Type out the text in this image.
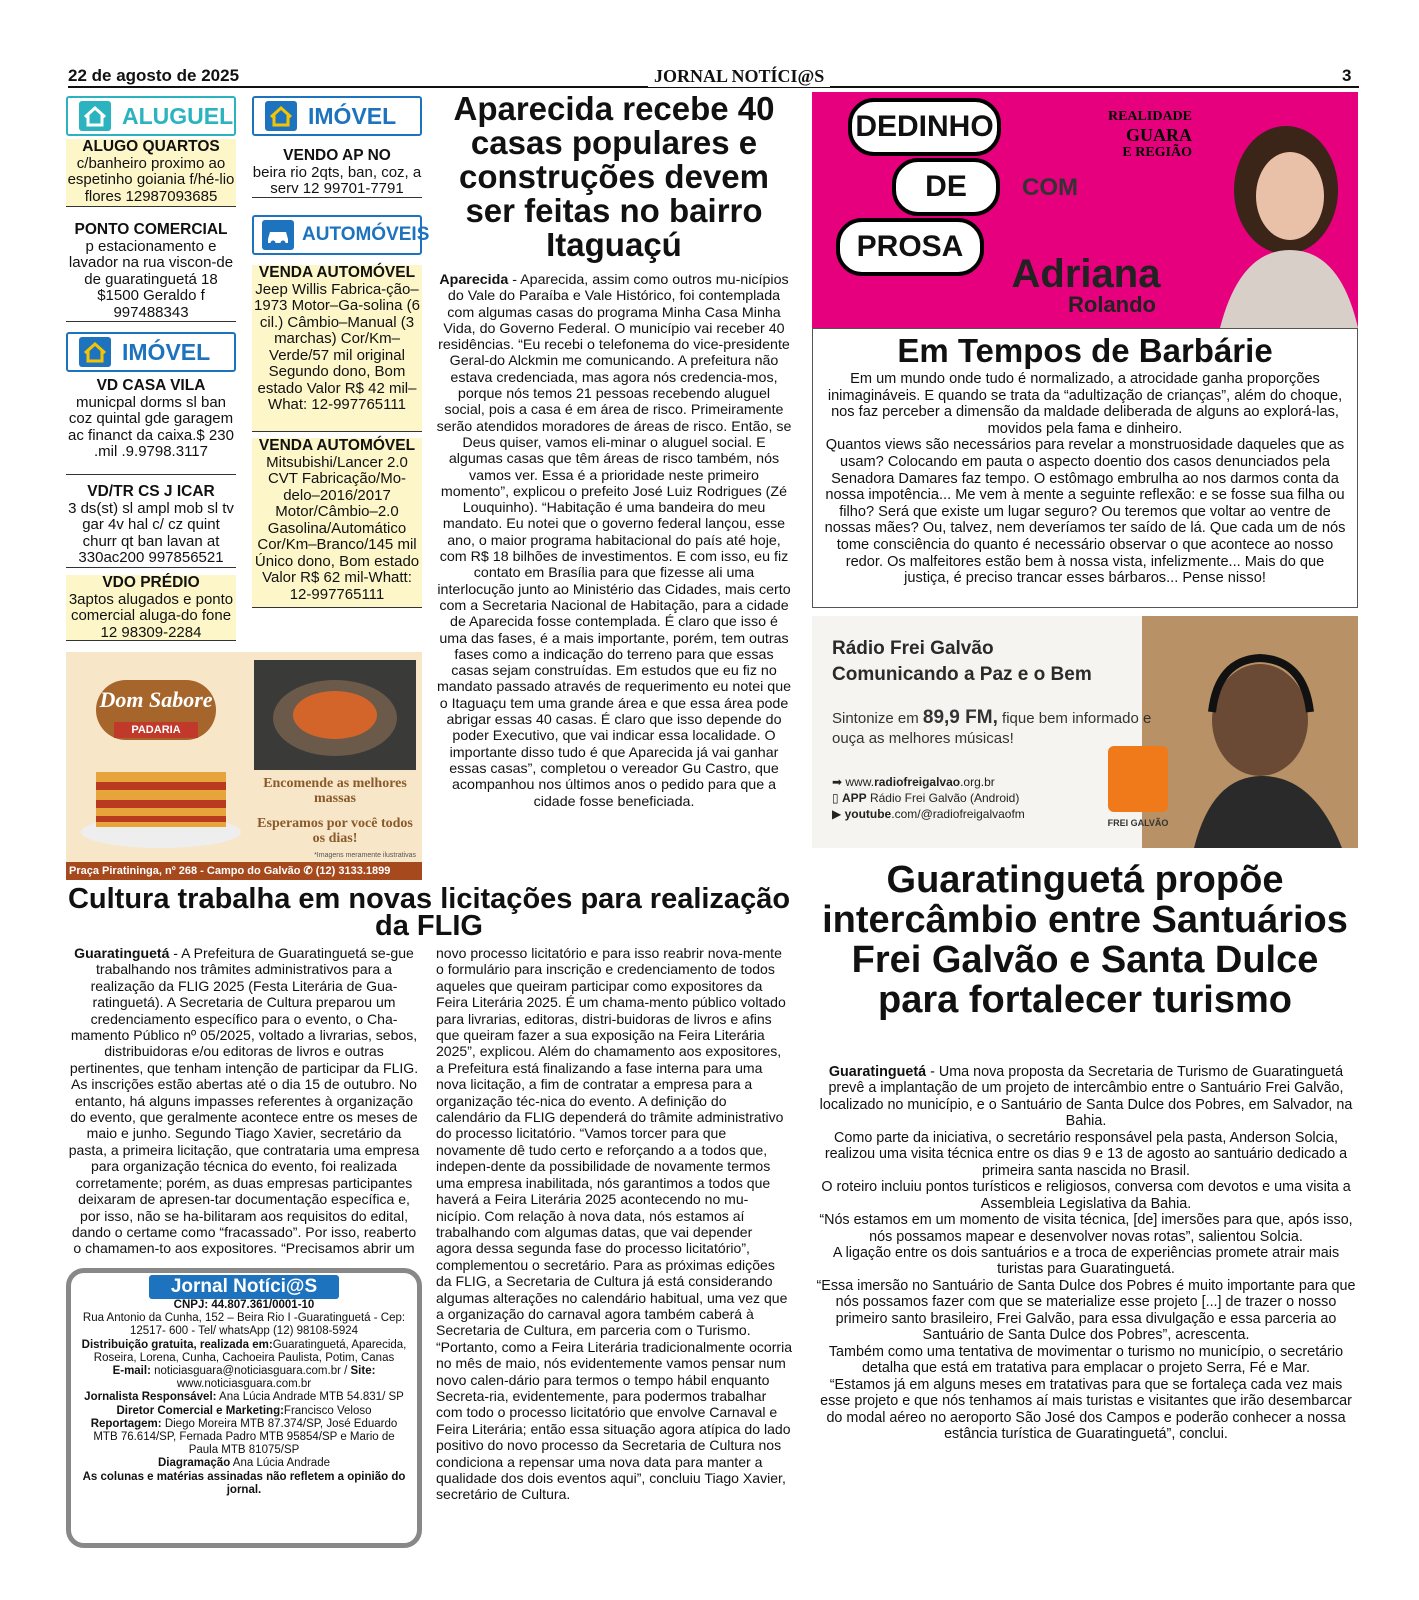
22 de agosto de 2025	JORNAL NOTÍCI@S	3
ALUGUEL
ALUGO QUARTOS
c/banheiro proximo ao espetinho goiania f/hé-lio flores 12987093685
PONTO COMERCIAL
p estacionamento e lavador na rua viscon-de de guaratinguetá 18 $1500 Geraldo f 997488343
IMÓVEL
VD CASA VILA
municpal dorms sl ban coz quintal gde garagem ac financt da caixa.$ 230 .mil .9.9798.3117
VD/TR CS J ICAR
3 ds(st) sl ampl mob sl tv gar 4v hal c/ cz quint churr qt ban lavan at 330ac200 997856521
VDO PRÉDIO
3aptos alugados e ponto comercial aluga-do fone 12 98309-2284
IMÓVEL
VENDO AP NO
beira rio 2qts, ban, coz, a serv 12 99701-7791
AUTOMÓVEIS
VENDA AUTOMÓVEL
Jeep Willis Fabrica-ção–1973 Motor–Ga-solina (6 cil.) Câmbio–Manual (3 marchas) Cor/Km–Verde/57 mil original Segundo dono, Bom estado Valor R$ 42 mil–What: 12-997765111
VENDA AUTOMÓVEL
Mitsubishi/Lancer 2.0 CVT Fabricação/Mo-delo–2016/2017 Motor/Câmbio–2.0 Gasolina/Automático Cor/Km–Branco/145 mil Único dono, Bom estado Valor R$ 62 mil-Whatt: 12-997765111
Dom Sabore
PADARIA
Encomende as melhores massas
Esperamos por você todos os dias!
*Imagens meramente ilustrativas
Praça Piratininga, nº 268 - Campo do Galvão ✆ (12) 3133.1899
Aparecida recebe 40 casas populares e construções devem ser feitas no bairro Itaguaçú
Aparecida - Aparecida, assim como outros mu-nicípios do Vale do Paraíba e Vale Histórico, foi contemplada com algumas casas do programa Minha Casa Minha Vida, do Governo Federal. O município vai receber 40 residências. “Eu recebi o telefonema do vice-presidente Geral-do Alckmin me comunicando. A prefeitura não estava credenciada, mas agora nós credencia-mos, porque nós temos 21 pessoas recebendo aluguel social, pois a casa é em área de risco. Primeiramente serão atendidos moradores de áreas de risco. Então, se Deus quiser, vamos eli-minar o aluguel social. E algumas casas que têm áreas de risco também, nós vamos ver. Essa é a prioridade neste primeiro momento”, explicou o prefeito José Luiz Rodrigues (Zé Louquinho). “Habitação é uma bandeira do meu mandato. Eu notei que o governo federal lançou, esse ano, o maior programa habitacional do país até hoje, com R$ 18 bilhões de investimentos. E com isso, eu fiz contato em Brasília para que fizesse ali uma interlocução junto ao Ministério das Cidades, mais certo com a Secretaria Nacional de Habitação, para a cidade de Aparecida fosse contemplada. É claro que isso é uma das fases, é a mais importante, porém, tem outras fases como a indicação do terreno para que essas casas sejam construídas. Em estudos que eu fiz no mandato passado através de requerimento eu notei que o Itaguaçu tem uma grande área e que essa área pode abrigar essas 40 casas. É claro que isso depende do poder Executivo, que vai indicar essa localidade. O importante disso tudo é que Aparecida já vai ganhar essas casas”, completou o vereador Gu Castro, que acompanhou nos últimos anos o pedido para que a cidade fosse beneficiada.
DEDINHO
DE
PROSA
COM
Adriana
Rolando
REALIDADE
GUARA
E REGIÃO
Em Tempos de Barbárie

Em um mundo onde tudo é normalizado, a atrocidade ganha proporções inimagináveis. E quando se trata da “adultização de crianças”, além do choque, nos faz perceber a dimensão da maldade deliberada de alguns ao explorá-las, movidos pela fama e dinheiro.

Quantos views são necessários para revelar a monstruosidade daqueles que as usam? Colocando em pauta o aspecto doentio dos casos denunciados pela Senadora Damares faz tempo. O estômago embrulha ao nos darmos conta da nossa impotência... Me vem à mente a seguinte reflexão: e se fosse sua filha ou filho? Será que existe um lugar seguro? Ou teremos que voltar ao ventre de nossas mães? Ou, talvez, nem deveríamos ter saído de lá. Que cada um de nós tome consciência do quanto é necessário observar o que acontece ao nosso redor. Os malfeitores estão bem à nossa vista, infelizmente... Mais do que justiça, é preciso trancar esses bárbaros... Pense nisso!

Rádio Frei Galvão
Comunicando a Paz e o Bem
Sintonize em 89,9 FM, fique bem informado e ouça as melhores músicas!
➡ www.radiofreigalvao.org.br
▯ APP Rádio Frei Galvão (Android)
▶ youtube.com/@radiofreigalvaofm
FREI GALVÃO
Cultura trabalha em novas licitações para realização da FLIG
Guaratinguetá - A Prefeitura de Guaratinguetá se-gue trabalhando nos trâmites administrativos para a realização da FLIG 2025 (Festa Literária de Gua-ratinguetá). A Secretaria de Cultura preparou um credenciamento específico para o evento, o Cha-mamento Público nº 05/2025, voltado a livrarias, sebos, distribuidoras e/ou editoras de livros e outras pertinentes, que tenham intenção de participar da FLIG. As inscrições estão abertas até o dia 15 de outubro. No entanto, há alguns impasses referentes à organização do evento, que geralmente acontece entre os meses de maio e junho. Segundo Tiago Xavier, secretário da pasta, a primeira licitação, que contrataria uma empresa para organização técnica do evento, foi realizada corretamente; porém, as duas empresas participantes deixaram de apresen-tar documentação específica e, por isso, não se ha-bilitaram aos requisitos do edital, dando o certame como “fracassado”. Por isso, reaberto o chamamen-to aos expositores. “Precisamos abrir um
novo processo licitatório e para isso reabrir nova-mente o formulário para inscrição e credenciamento de todos aqueles que queiram participar como expositores da Feira Literária 2025. É um chama-mento público voltado para livrarias, editoras, distri-buidoras de livros e afins que queiram fazer a sua exposição na Feira Literária 2025”, explicou. Além do chamamento aos expositores, a Prefeitura está finalizando a fase interna para uma nova licitação, a fim de contratar a empresa para a organização téc-nica do evento. A definição do calendário da FLIG dependerá do trâmite administrativo do processo licitatório. “Vamos torcer para que novamente dê tudo certo e reforçando a a todos que, indepen-dente da possibilidade de novamente termos uma empresa inabilitada, nós garantimos a todos que haverá a Feira Literária 2025 acontecendo no mu-nicípio. Com relação à nova data, nós estamos aí trabalhando com algumas datas, que vai depender agora dessa segunda fase do processo licitatório”, complementou o secretário. Para as próximas edições da FLIG, a Secretaria de Cultura já está considerando algumas alterações no calendário habitual, uma vez que a organização do carnaval agora também caberá à Secretaria de Cultura, em parceria com o Turismo. “Portanto, como a Feira Literária tradicionalmente ocorria no mês de maio, nós evidentemente vamos pensar num novo calen-dário para termos o tempo hábil enquanto Secreta-ria, evidentemente, para podermos trabalhar com todo o processo licitatório que envolve Carnaval e Feira Literária; então essa situação agora atípica do lado positivo do novo processo da Secretaria de Cultura nos condiciona a repensar uma nova data para manter a qualidade dos dois eventos aqui”, concluiu Tiago Xavier, secretário de Cultura.
Jornal Notíci@S
CNPJ: 44.807.361/0001-10
Rua Antonio da Cunha, 152 – Beira Rio I -Guaratinguetá - Cep: 12517- 600 - Tel/ whatsApp (12) 98108-5924
Distribuição gratuita, realizada em:Guaratinguetá, Aparecida, Roseira, Lorena, Cunha, Cachoeira Paulista, Potim, Canas
E-mail: noticiasguara@noticiasguara.com.br / Site: www.noticiasguara.com.br
Jornalista Responsável: Ana Lúcia Andrade MTB 54.831/ SP
Diretor Comercial e Marketing:Francisco Veloso
Reportagem: Diego Moreira MTB 87.374/SP, José Eduardo MTB 76.614/SP, Fernada Padro MTB 95854/SP e Mario de Paula MTB 81075/SP
Diagramação Ana Lúcia Andrade
As colunas e matérias assinadas não refletem a opinião do jornal.
Guaratinguetá propõe intercâmbio entre Santuários Frei Galvão e Santa Dulce para fortalecer turismo

Guaratinguetá - Uma nova proposta da Secretaria de Turismo de Guaratinguetá prevê a implantação de um projeto de intercâmbio entre o Santuário Frei Galvão, localizado no município, e o Santuário de Santa Dulce dos Pobres, em Salvador, na Bahia.

Como parte da iniciativa, o secretário responsável pela pasta, Anderson Solcia, realizou uma visita técnica entre os dias 9 e 13 de agosto ao santuário dedicado a primeira santa nascida no Brasil.

O roteiro incluiu pontos turísticos e religiosos, conversa com devotos e uma visita a Assembleia Legislativa da Bahia.

“Nós estamos em um momento de visita técnica, [de] imersões para que, após isso, nós possamos mapear e desenvolver novas rotas”, salientou Solcia.

A ligação entre os dois santuários e a troca de experiências promete atrair mais turistas para Guaratinguetá.

“Essa imersão no Santuário de Santa Dulce dos Pobres é muito importante para que nós possamos fazer com que se materialize esse projeto [...] de trazer o nosso primeiro santo brasileiro, Frei Galvão, para essa divulgação e essa parceria ao Santuário de Santa Dulce dos Pobres”, acrescenta.

Também como uma tentativa de movimentar o turismo no município, o secretário detalha que está em tratativa para emplacar o projeto Serra, Fé e Mar.

“Estamos já em alguns meses em tratativas para que se fortaleça cada vez mais esse projeto e que nós tenhamos aí mais turistas e visitantes que irão desembarcar do modal aéreo no aeroporto São José dos Campos e poderão conhecer a nossa estância turística de Guaratinguetá”, conclui.
